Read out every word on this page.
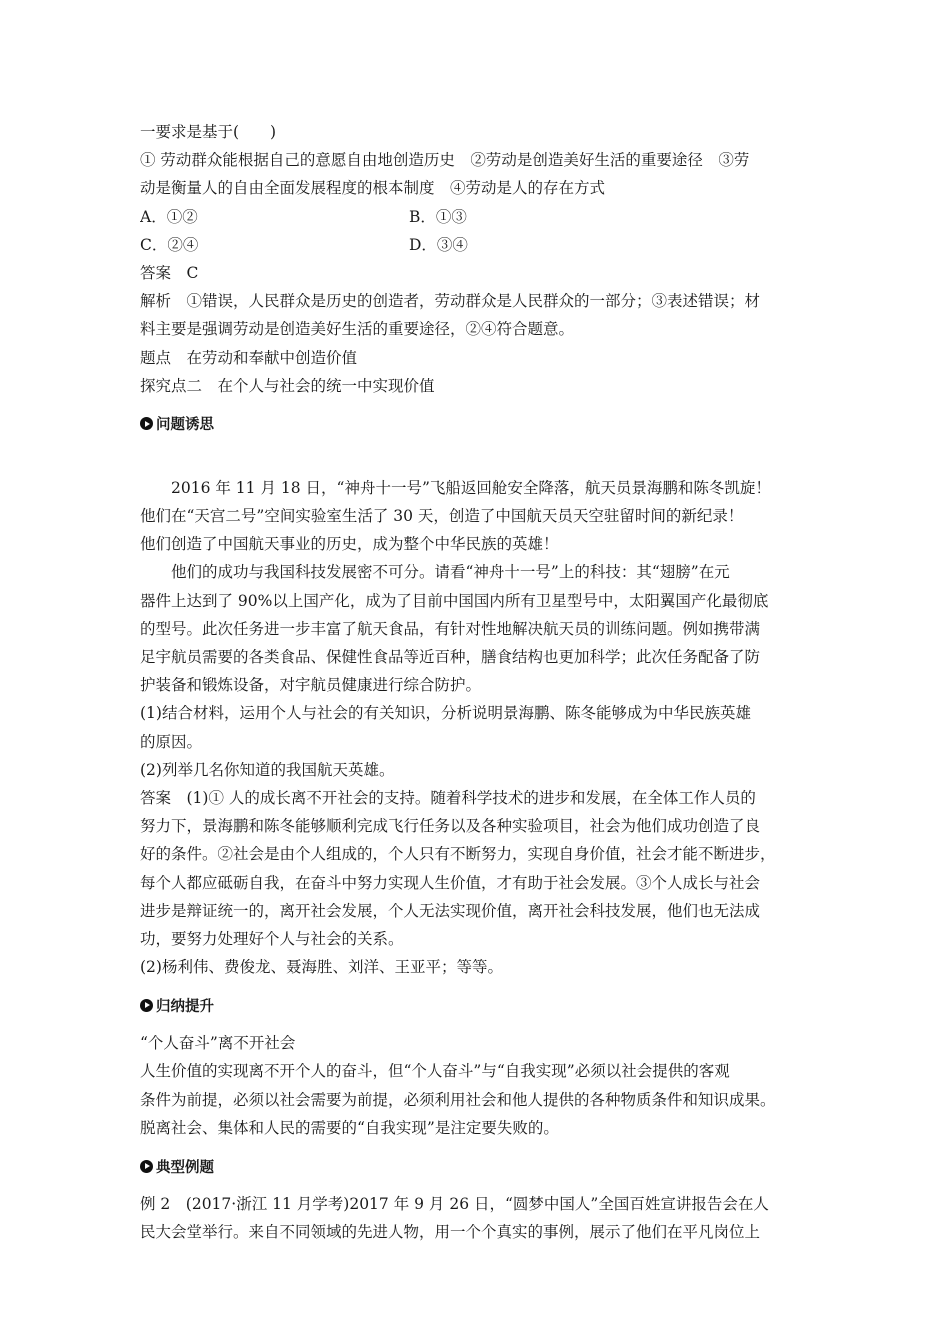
一要求是基于(　　)
① 劳动群众能根据自己的意愿自由地创造历史　②劳动是创造美好生活的重要途径　③劳
动是衡量人的自由全面发展程度的根本制度　④劳动是人的存在方式
A．①②	B．①③
C．②④	D．③④
答案　C
解析　①错误，人民群众是历史的创造者，劳动群众是人民群众的一部分；③表述错误；材
料主要是强调劳动是创造美好生活的重要途径，②④符合题意。
题点　在劳动和奉献中创造价值
探究点二　在个人与社会的统一中实现价值
问题诱思
2016 年 11 月 18 日，“神舟十一号”飞船返回舱安全降落，航天员景海鹏和陈冬凯旋！
他们在“天宫二号”空间实验室生活了 30 天，创造了中国航天员天空驻留时间的新纪录！
他们创造了中国航天事业的历史，成为整个中华民族的英雄！
他们的成功与我国科技发展密不可分。请看“神舟十一号”上的科技：其“翅膀”在元
器件上达到了 90%以上国产化，成为了目前中国国内所有卫星型号中，太阳翼国产化最彻底
的型号。此次任务进一步丰富了航天食品，有针对性地解决航天员的训练问题。例如携带满
足宇航员需要的各类食品、保健性食品等近百种，膳食结构也更加科学；此次任务配备了防
护装备和锻炼设备，对宇航员健康进行综合防护。
(1)结合材料，运用个人与社会的有关知识，分析说明景海鹏、陈冬能够成为中华民族英雄
的原因。
(2)列举几名你知道的我国航天英雄。
答案　(1)① 人的成长离不开社会的支持。随着科学技术的进步和发展，在全体工作人员的
努力下，景海鹏和陈冬能够顺利完成飞行任务以及各种实验项目，社会为他们成功创造了良
好的条件。②社会是由个人组成的，个人只有不断努力，实现自身价值，社会才能不断进步，
每个人都应砥砺自我，在奋斗中努力实现人生价值，才有助于社会发展。③个人成长与社会
进步是辩证统一的，离开社会发展，个人无法实现价值，离开社会科技发展，他们也无法成
功，要努力处理好个人与社会的关系。
(2)杨利伟、费俊龙、聂海胜、刘洋、王亚平；等等。
归纳提升
“个人奋斗”离不开社会
人生价值的实现离不开个人的奋斗，但“个人奋斗”与“自我实现”必须以社会提供的客观
条件为前提，必须以社会需要为前提，必须利用社会和他人提供的各种物质条件和知识成果。
脱离社会、集体和人民的需要的“自我实现”是注定要失败的。
典型例题
例 2　(2017·浙江 11 月学考)2017 年 9 月 26 日，“圆梦中国人”全国百姓宣讲报告会在人
民大会堂举行。来自不同领域的先进人物，用一个个真实的事例，展示了他们在平凡岗位上
